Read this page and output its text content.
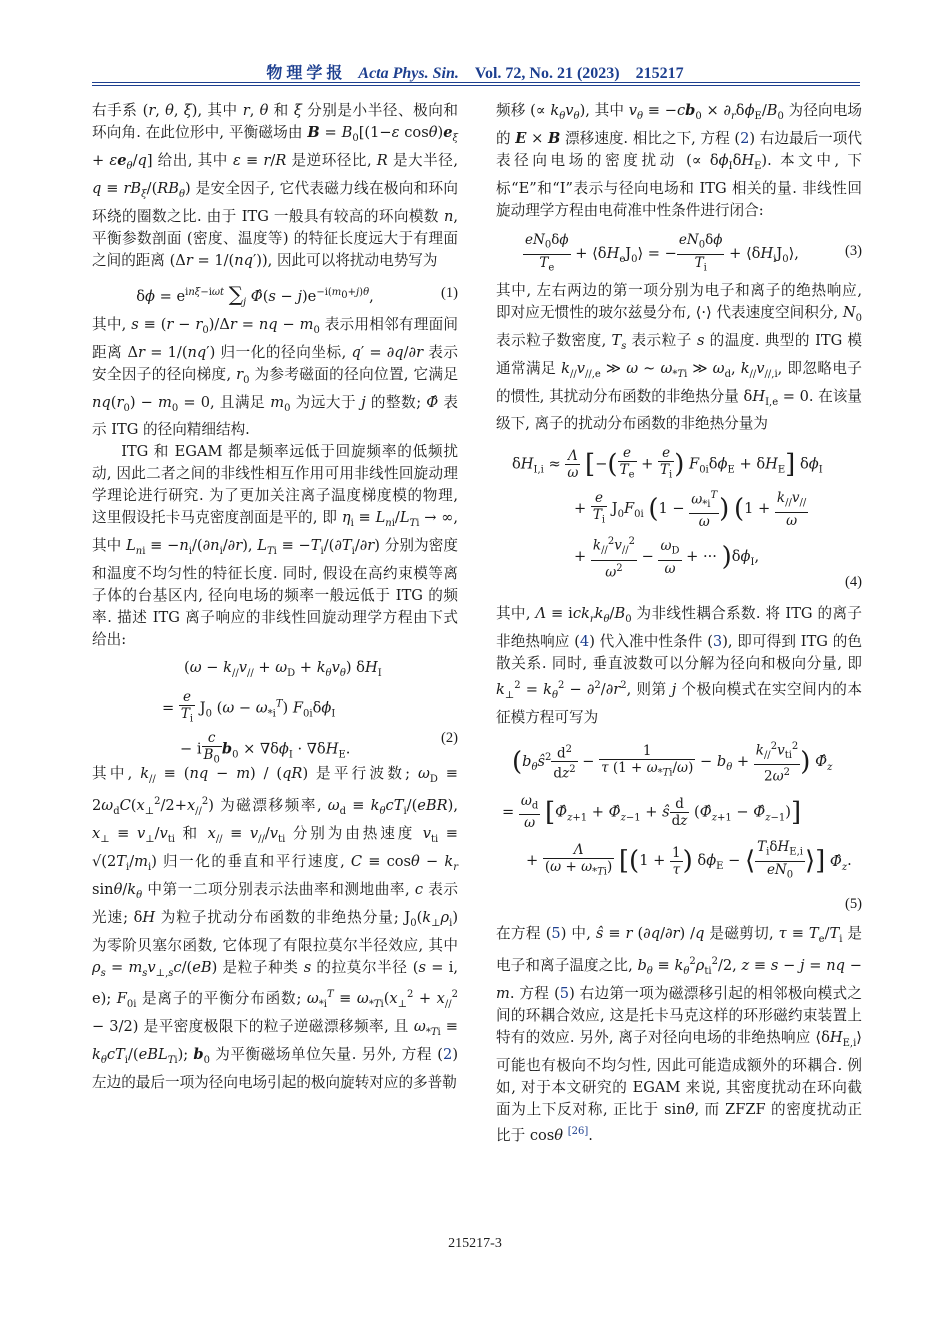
物 理 学 报 Acta Phys. Sin. Vol. 72, No. 21 (2023) 215217

右手系 (r, θ, ξ), 其中 r, θ 和 ξ 分别是小半径、极向和环向角. 在此位形中, 平衡磁场由 $B = B_0[(1-\varepsilon$ $\cos\theta)e_\xi + \varepsilon e_\theta/q$] 给出, 其中 ε ≡ r/R 是逆环径比, R 是大半径, $q \equiv rB_\xi/(RB_\theta)$ 是安全因子, 它代表磁力线在极向和环向环绕的圈数之比. 由于 ITG 一般具有较高的环向模数 n, 平衡参数剖面 (密度、温度等) 的特征长度远大于有理面之间的距离 (Δr = 1/(nq′)), 因此可以将扰动电势写为

$\delta\phi = e^{in\xi-i\omega t}$ $\sum_j$ Φ̂(s − $j)e^{-i(m_0+j)\theta}$,	(1)

其中, $s \equiv (r - r_0)/\Delta r$ = nq − $m_0$ 表示用相邻有理面间距离 Δr = 1/(nq′) 归一化的径向坐标, q′ = ∂q/∂r 表示安全因子的径向梯度, $r_0$ 为参考磁面的径向位置, 它满足 $nq(r_0) - m_0 = 0$, 且满足 $m_0$ 为远大于 j 的整数; Φ̂ 表示 ITG 的径向精细结构.

ITG 和 EGAM 都是频率远低于回旋频率的低频扰动, 因此二者之间的非线性相互作用可用非线性回旋动理学理论进行研究. 为了更加关注离子温度梯度模的物理, 这里假设托卡马克密度剖面是平的, 即 $\eta_i \equiv L_{ni}/L_{Ti}$ → ∞, 其中 $L_{ni} \equiv -n_i/(\partial n_i/\partial r)$, $L_{Ti} \equiv -T_i/(\partial T_i/\partial r)$ 分别为密度和温度不均匀性的特征长度. 同时, 假设在高约束模等离子体的台基区内, 径向电场的频率一般远低于 ITG 的频率. 描述 ITG 离子响应的非线性回旋动理学方程由下式给出:

$(\omega - k_{//}v_{//} + \omega_D + k_\theta v_\theta)$ $\delta H_I$
= $\frac{e}{T_i} J_0$ $(\omega - \omega_{*i}^T)$ $F_{0i}\delta\phi_I$
− i $\frac{c}{B_0} b_0 \times \nabla\delta\phi_I \cdot \nabla\delta H_E$.
(2)

其中, $k_{//} \equiv (nq - m) / (qR)$ 是平行波数; $\omega_D \equiv 2\omega_dC(x_\perp^2/2+x_{//}^2)$ 为磁漂移频率, $\omega_d \equiv k_\theta cT_i/(eBR)$, $x_\perp \equiv v_\perp/v_{ti}$ 和 $x_{//} \equiv v_{//}/v_{ti}$ 分别为由热速度 $v_{ti} \equiv √(2T_i/m_i)$ 归一化的垂直和平行速度, $C \equiv \cos\theta - k_r$ sinθ/$k_\theta$ 中第一二项分别表示法曲率和测地曲率, c 表示光速; δH 为粒子扰动分布函数的非绝热分量; $J_0(k_\perp\rho_i)$ 为零阶贝塞尔函数, 它体现了有限拉莫尔半径效应, 其中 $\rho_s = m_sv_{\perp,s}c/(eB)$ 是粒子种类 s 的拉莫尔半径 (s = i, e); $F_{0i}$ 是离子的平衡分布函数; $\omega_{*i}^T \equiv \omega_{*Ti}(x_\perp^2 + x_{//}^2 - 3/2)$ 是平密度极限下的粒子逆磁漂移频率, 且 $\omega_{*Ti} \equiv k_\theta cT_i/(eBL_{Ti})$; $b_0$ 为平衡磁场单位矢量. 另外, 方程 (2) 左边的最后一项为径向电场引起的极向旋转对应的多普勒

频移 (∝ $k_\theta v_\theta$), 其中 $v_\theta \equiv -cb_0 \times \partial_r\delta\phi_E/B_0$ 为径向电场的 E × B 漂移速度. 相比之下, 方程 (2) 右边最后一项代表径向电场的密度扰动 (∝ $\delta\phi_I\delta H_E$). 本文中, 下标“E”和“I”表示与径向电场和 ITG 相关的量. 非线性回旋动理学方程由电荷准中性条件进行闭合:

$\frac{eN_0\delta\phi}{T_e}$ + $⟨\delta H_eJ_0⟩$ = − $\frac{eN_0\delta\phi}{T_i}$ + $⟨\delta H_iJ_0⟩$,	(3)

其中, 左右两边的第一项分别为电子和离子的绝热响应, 即对应无惯性的玻尔兹曼分布, ⟨·⟩ 代表速度空间积分, $N_0$ 表示粒子数密度, $T_s$ 表示粒子 s 的温度. 典型的 ITG 模通常满足 $k_{//}v_{//,e}$ ≫ ω ∼ $\omega_{*Ti}$ ≫ $\omega_d$, $k_{//}v_{//,i}$, 即忽略电子的惯性, 其扰动分布函数的非绝热分量 $\delta H_{I,e} = 0$. 在该量级下, 离子的扰动分布函数的非绝热分量为

$\delta H_{I,i} \approx \frac{\Lambda}{\omega}$ [−( $\frac{e}{T_e} + \frac{e}{T_i}$ ) $F_{0i}\delta\phi_E + \delta H_E$] $\delta\phi_I$
+ $\frac{e}{T_i} J_0F_{0i}$ ($1 - \frac{\omega_{*i}^T}{\omega}$ ) ($1 + \frac{k_{//}v_{//}}{\omega}$
+ $\frac{k_{//}^2v_{//}^2}{\omega^2} - \frac{\omega_D}{\omega}$ + ··· )$\delta\phi_I$,
(4)

其中, $\Lambda \equiv ick_rk_\theta/B_0$ 为非线性耦合系数. 将 ITG 的离子非绝热响应 (4) 代入准中性条件 (3), 即可得到 ITG 的色散关系. 同时, 垂直波数可以分解为径向和极向分量, 即 $k_\perp^2 = k_\theta^2 - \partial^2/\partial r^2$, 则第 j 个极向模式在实空间内的本征模方程可写为

($b_\theta ŝ^2 \frac{d^2}{dz^2} - \frac{1}{\tau (1 + \omega_{*Ti}/\omega)} - b_\theta + \frac{k_{//}^2v_{ti}^2}{2\omega^2}$ ) $\Phî_z$
= $\frac{\omega_d}{\omega}$ [$\Phî_{z+1}$ + $\Phî_{z-1}$ + ŝ $\frac{d}{dz}$ ($\Phî_{z+1}$ − $\Phî_{z-1}$)]
+ $\frac{\Lambda}{(\omega + \omega_{*Ti})} [(1 + \frac{1}{\tau}$ ) $\delta\phi_E$ − ⟨ $\frac{T_i\delta H_{E,i}}{eN_0}$ ⟩] $\Phî_z$.
(5)

在方程 (5) 中, ŝ ≡ r (∂q/∂r) /q 是磁剪切, $\tau \equiv T_e/T_i$ 是电子和离子温度之比, $b_\theta \equiv k_\theta^2\rho_{ti}^2/2$, z ≡ s − j = nq − m. 方程 (5) 右边第一项为磁漂移引起的相邻极向模式之间的环耦合效应, 这是托卡马克这样的环形磁约束装置上特有的效应. 另外, 离子对径向电场的非绝热响应 $⟨\delta H_{E,i}⟩$ 可能也有极向不均匀性, 因此可能造成额外的环耦合. 例如, 对于本文研究的 EGAM 来说, 其密度扰动在环向截面为上下反对称, 正比于 sinθ, 而 ZFZF 的密度扰动正比于 cosθ [26].

215217-3
